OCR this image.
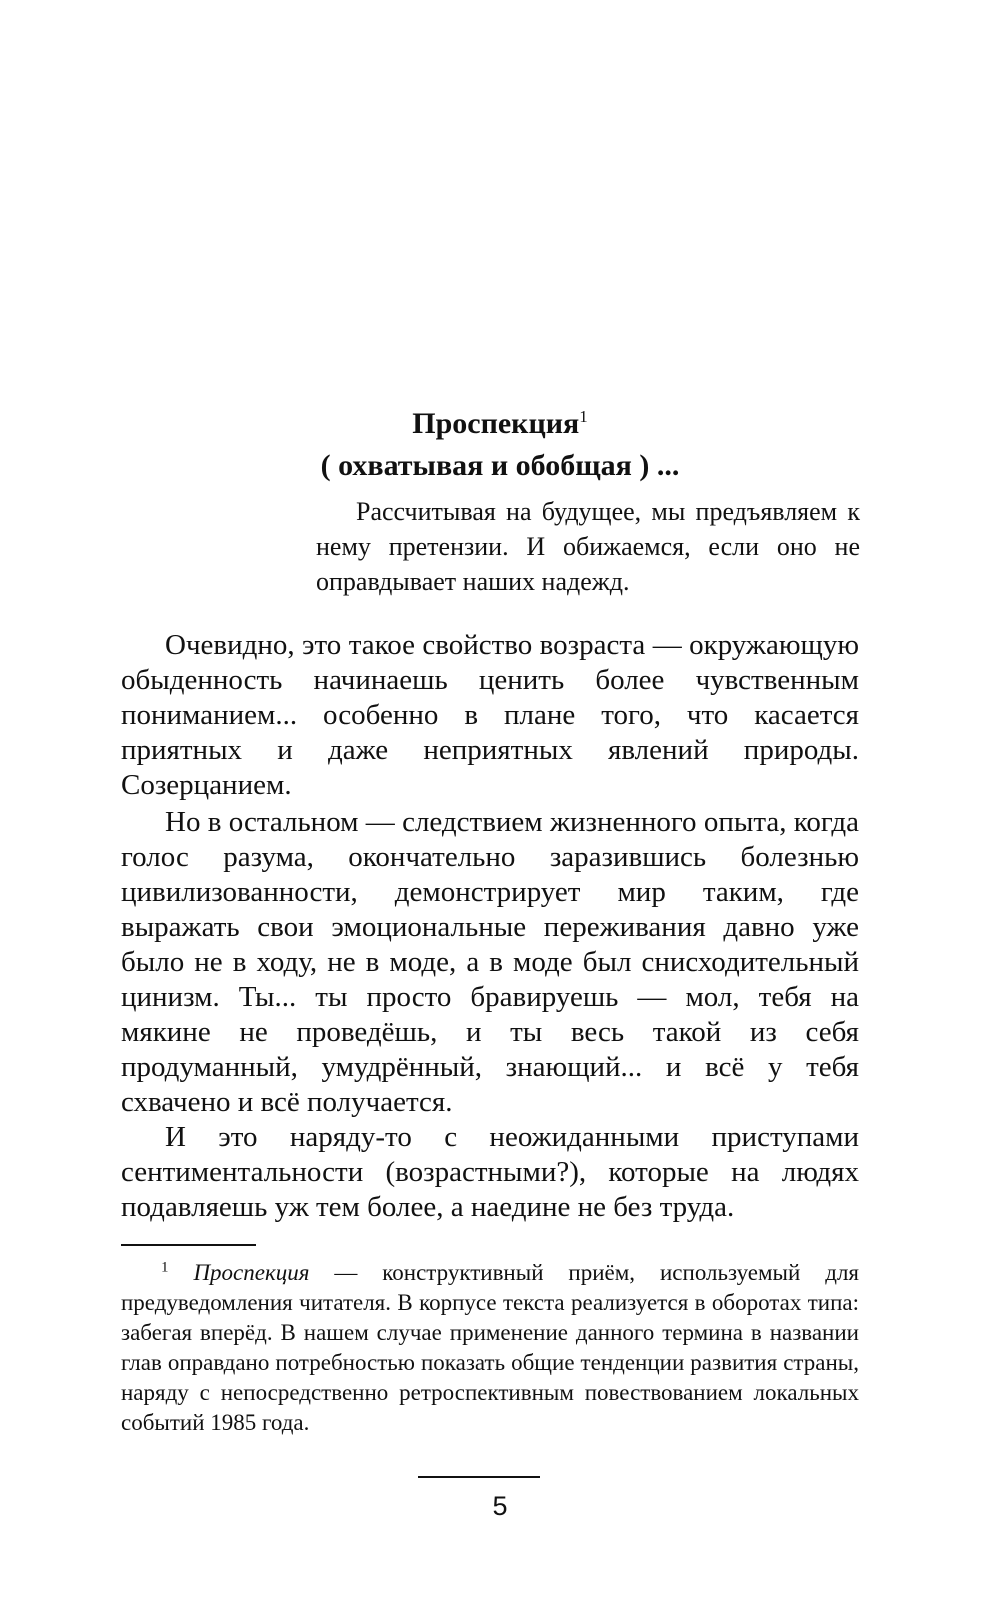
Проспекция$^1$
( охватывая и обобщая ) ...

Рассчитывая на будущее, мы предъявляем к нему претензии. И обижаемся, если оно не оправдывает наших надежд.

Очевидно, это такое свойство возраста — окружающую обыденность начинаешь ценить более чувственным пониманием... особенно в плане того, что касается приятных и даже неприятных явлений природы. Созерцанием.

Но в остальном — следствием жизненного опыта, когда голос разума, окончательно заразившись болезнью цивилизованности, демонстрирует мир таким, где выражать свои эмоциональные переживания давно уже было не в ходу, не в моде, а в моде был снисходительный цинизм. Ты... ты просто бравируешь — мол, тебя на мякине не проведёшь, и ты весь такой из себя продуманный, умудрённый, знающий... и всё у тебя схвачено и всё получается.

И это наряду-то с неожиданными приступами сентиментальности (возрастными?), которые на людях подавляешь уж тем более, а наедине не без труда.

$^1$ Проспекция — конструктивный приём, используемый для предуведомления читателя. В корпусе текста реализуется в оборотах типа: забегая вперёд. В нашем случае применение данного термина в названии глав оправдано потребностью показать общие тенденции развития страны, наряду с непосредственно ретроспективным повествованием локальных событий 1985 года.

5
